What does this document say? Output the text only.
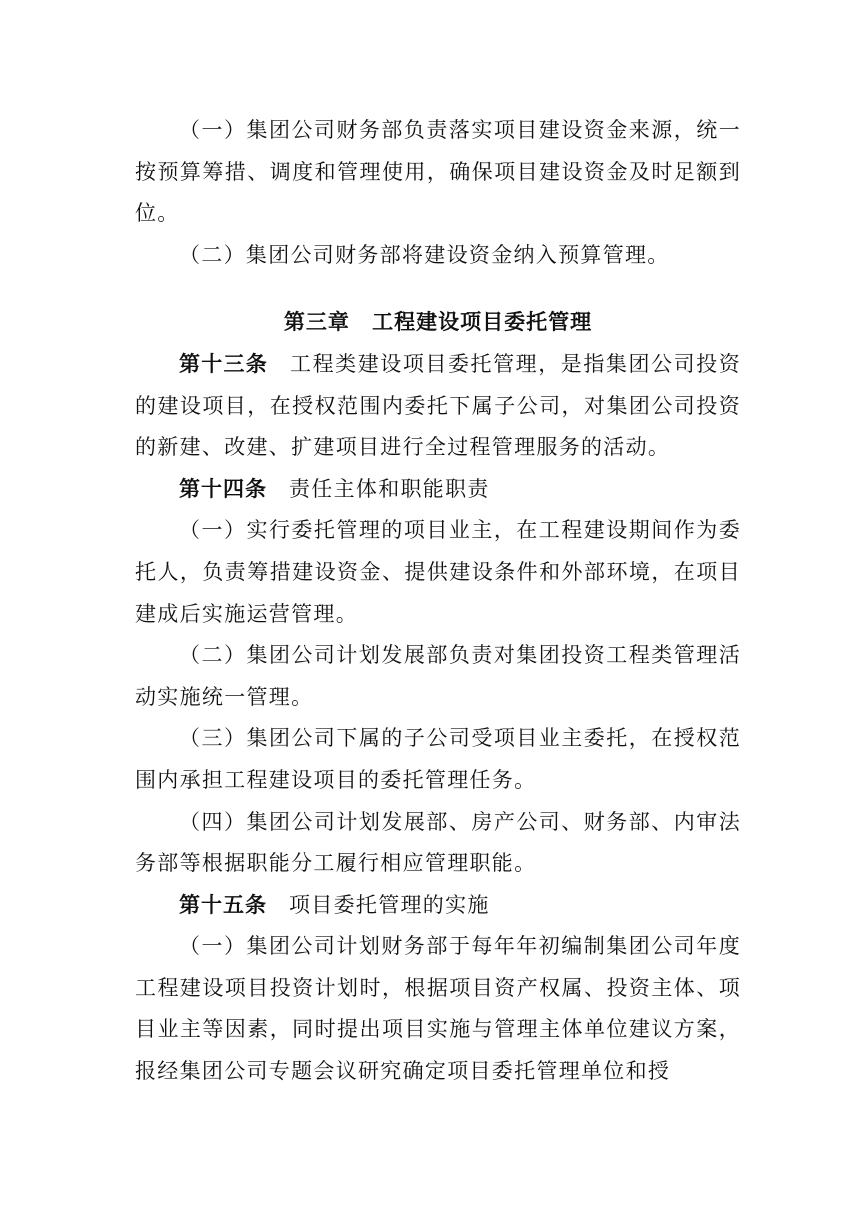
（一）集团公司财务部负责落实项目建设资金来源，统一按预算筹措、调度和管理使用，确保项目建设资金及时足额到位。

（二）集团公司财务部将建设资金纳入预算管理。

第三章 工程建设项目委托管理

第十三条 工程类建设项目委托管理，是指集团公司投资的建设项目，在授权范围内委托下属子公司，对集团公司投资的新建、改建、扩建项目进行全过程管理服务的活动。

第十四条 责任主体和职能职责

（一）实行委托管理的项目业主，在工程建设期间作为委托人，负责筹措建设资金、提供建设条件和外部环境，在项目建成后实施运营管理。

（二）集团公司计划发展部负责对集团投资工程类管理活动实施统一管理。

（三）集团公司下属的子公司受项目业主委托，在授权范围内承担工程建设项目的委托管理任务。

（四）集团公司计划发展部、房产公司、财务部、内审法务部等根据职能分工履行相应管理职能。

第十五条 项目委托管理的实施

（一）集团公司计划财务部于每年年初编制集团公司年度工程建设项目投资计划时，根据项目资产权属、投资主体、项目业主等因素，同时提出项目实施与管理主体单位建议方案，报经集团公司专题会议研究确定项目委托管理单位和授
